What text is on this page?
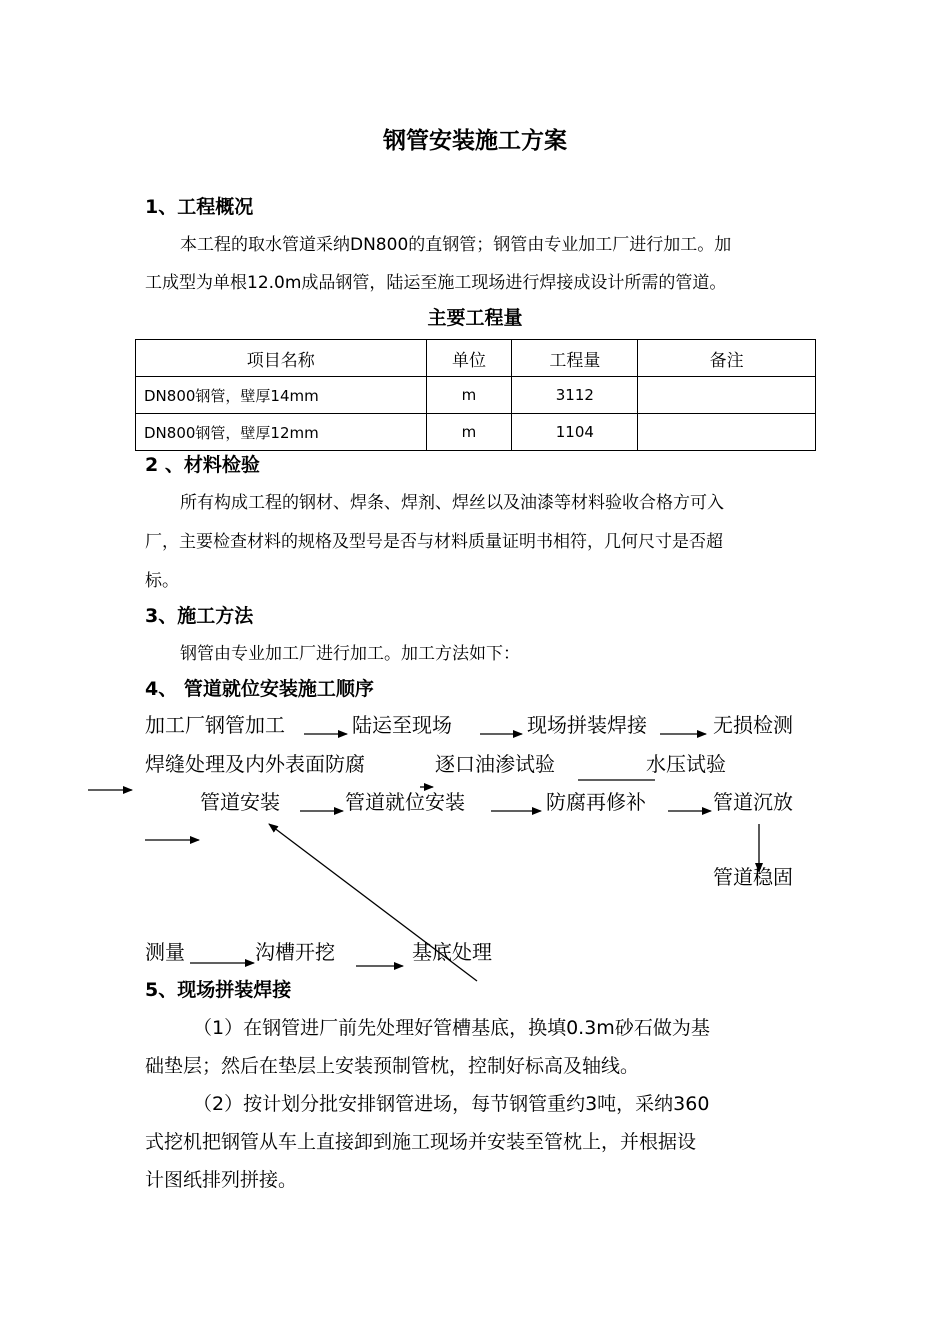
钢管安装施工方案
1、工程概况
本工程的取水管道采纳DN800的直钢管；钢管由专业加工厂进行加工。加
工成型为单根12.0m成品钢管，陆运至施工现场进行焊接成设计所需的管道。
主要工程量
项目名称	单位	工程量	备注
DN800钢管，壁厚14mm	m	3112	
DN800钢管，壁厚12mm	m	1104	
2 、材料检验
所有构成工程的钢材、焊条、焊剂、焊丝以及油漆等材料验收合格方可入
厂，主要检查材料的规格及型号是否与材料质量证明书相符，几何尺寸是否超
标。
3、施工方法
钢管由专业加工厂进行加工。加工方法如下：
4、 管道就位安装施工顺序
加工厂钢管加工	陆运至现场	现场拼装焊接	无损检测
焊缝处理及内外表面防腐	逐口油渗试验	水压试验
管道安装	管道就位安装	防腐再修补	管道沉放
管道稳固
测量	沟槽开挖	基底处理
5、现场拼装焊接
（1）在钢管进厂前先处理好管槽基底，换填0.3m砂石做为基
础垫层；然后在垫层上安装预制管枕，控制好标高及轴线。
（2）按计划分批安排钢管进场，每节钢管重约3吨，采纳360
式挖机把钢管从车上直接卸到施工现场并安装至管枕上，并根据设
计图纸排列拼接。
